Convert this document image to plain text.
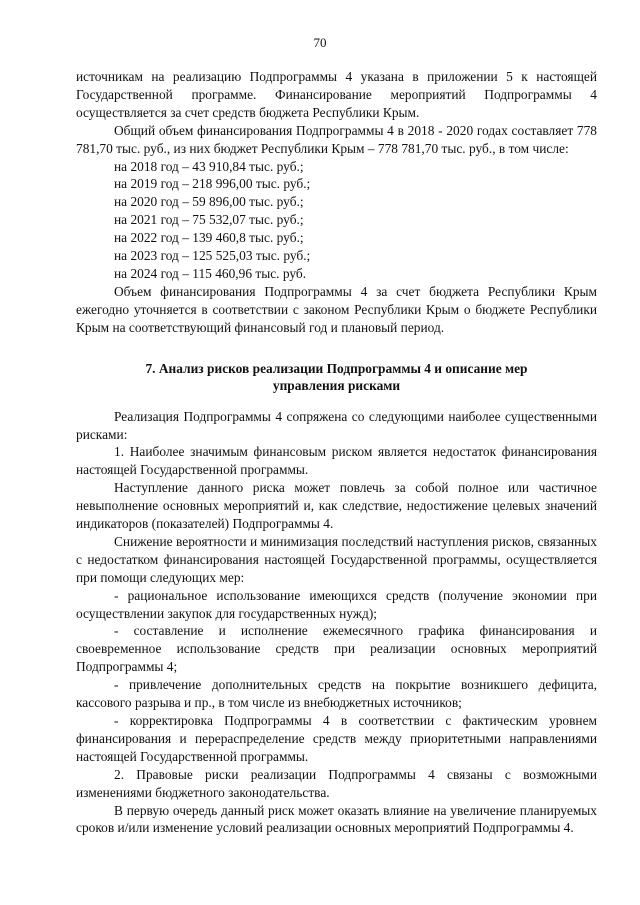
70

источникам на реализацию Подпрограммы 4 указана в приложении 5 к настоящей Государственной программе. Финансирование мероприятий Подпрограммы 4 осуществляется за счет средств бюджета Республики Крым.

Общий объем финансирования Подпрограммы 4 в 2018 - 2020 годах составляет 778 781,70 тыс. руб., из них бюджет Республики Крым – 778 781,70 тыс. руб., в том числе:

на 2018 год – 43 910,84 тыс. руб.;

на 2019 год – 218 996,00 тыс. руб.;

на 2020 год – 59 896,00 тыс. руб.;

на 2021 год – 75 532,07 тыс. руб.;

на 2022 год – 139 460,8 тыс. руб.;

на 2023 год – 125 525,03 тыс. руб.;

на 2024 год – 115 460,96 тыс. руб.

Объем финансирования Подпрограммы 4 за счет бюджета Республики Крым ежегодно уточняется в соответствии с законом Республики Крым о бюджете Республики Крым на соответствующий финансовый год и плановый период.

7. Анализ рисков реализации Подпрограммы 4 и описание мер управления рисками

Реализация Подпрограммы 4 сопряжена со следующими наиболее существенными рисками:

1. Наиболее значимым финансовым риском является недостаток финансирования настоящей Государственной программы.

Наступление данного риска может повлечь за собой полное или частичное невыполнение основных мероприятий и, как следствие, недостижение целевых значений индикаторов (показателей) Подпрограммы 4.

Снижение вероятности и минимизация последствий наступления рисков, связанных с недостатком финансирования настоящей Государственной программы, осуществляется при помощи следующих мер:

- рациональное использование имеющихся средств (получение экономии при осуществлении закупок для государственных нужд);

- составление и исполнение ежемесячного графика финансирования и своевременное использование средств при реализации основных мероприятий Подпрограммы 4;

- привлечение дополнительных средств на покрытие возникшего дефицита, кассового разрыва и пр., в том числе из внебюджетных источников;

- корректировка Подпрограммы 4 в соответствии с фактическим уровнем финансирования и перераспределение средств между приоритетными направлениями настоящей Государственной программы.

2. Правовые риски реализации Подпрограммы 4 связаны с возможными изменениями бюджетного законодательства.

В первую очередь данный риск может оказать влияние на увеличение планируемых сроков и/или изменение условий реализации основных мероприятий Подпрограммы 4.
